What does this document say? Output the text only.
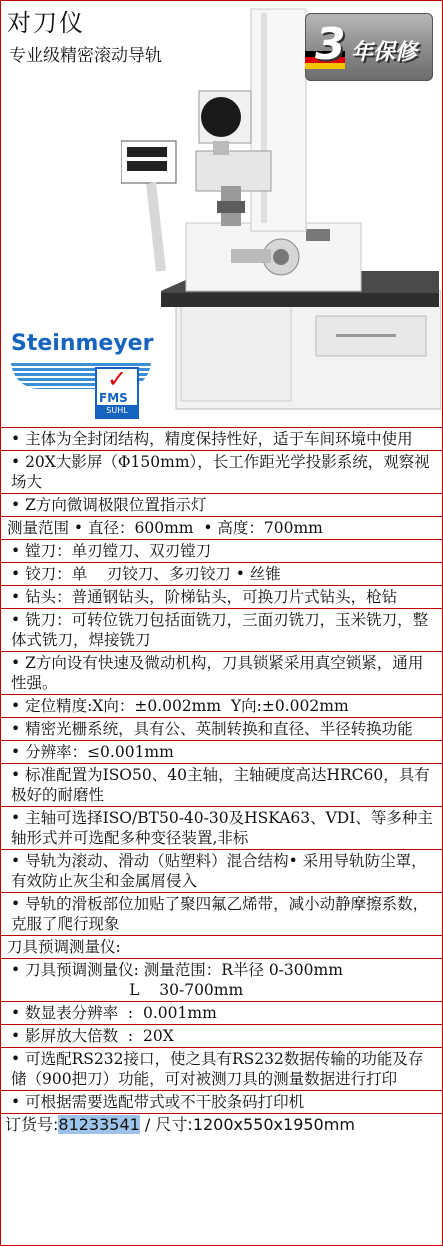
对刀仪
专业级精密滚动导轨	3 年保修
Steinmeyer
✓
FMS
SUHL
• 主体为全封闭结构，精度保持性好，适于车间环境中使用
• 20X大影屏（Φ150mm），长工作距光学投影系统，观察视场大
• Z方向微调极限位置指示灯
测量范围 • 直径：600mm  • 高度：700mm
• 镗刀：单刃镗刀、双刃镗刀
• 铰刀：单    刃铰刀、多刃铰刀 • 丝锥
• 钻头：普通钢钻头，阶梯钻头，可换刀片式钻头，枪钻
• 铣刀：可转位铣刀包括面铣刀，三面刃铣刀，玉米铣刀，整体式铣刀，焊接铣刀
• Z方向设有快速及微动机构，刀具锁紧采用真空锁紧，通用性强。
• 定位精度:X向：±0.002mm  Y向:±0.002mm
• 精密光栅系统，具有公、英制转换和直径、半径转换功能
• 分辨率：≤0.001mm
• 标准配置为ISO50、40主轴，主轴硬度高达HRC60，具有极好的耐磨性
• 主轴可选择ISO/BT50-40-30及HSKA63、VDI、等多种主轴形式并可选配多种变径装置,非标
• 导轨为滚动、滑动（贴塑料）混合结构• 采用导轨防尘罩，有效防止灰尘和金属屑侵入
• 导轨的滑板部位加贴了聚四氟乙烯带，减小动静摩擦系数，克服了爬行现象
刀具预调测量仪:
• 刀具预调测量仪: 测量范围：R半径 0-300mm
L    30-700mm
• 数显表分辨率  :  0.001mm
• 影屏放大倍数  :  20X
• 可选配RS232接口，使之具有RS232数据传输的功能及存储（900把刀）功能，可对被测刀具的测量数据进行打印
• 可根据需要选配带式或不干胶条码打印机
订货号:81233541 / 尺寸:1200x550x1950mm
